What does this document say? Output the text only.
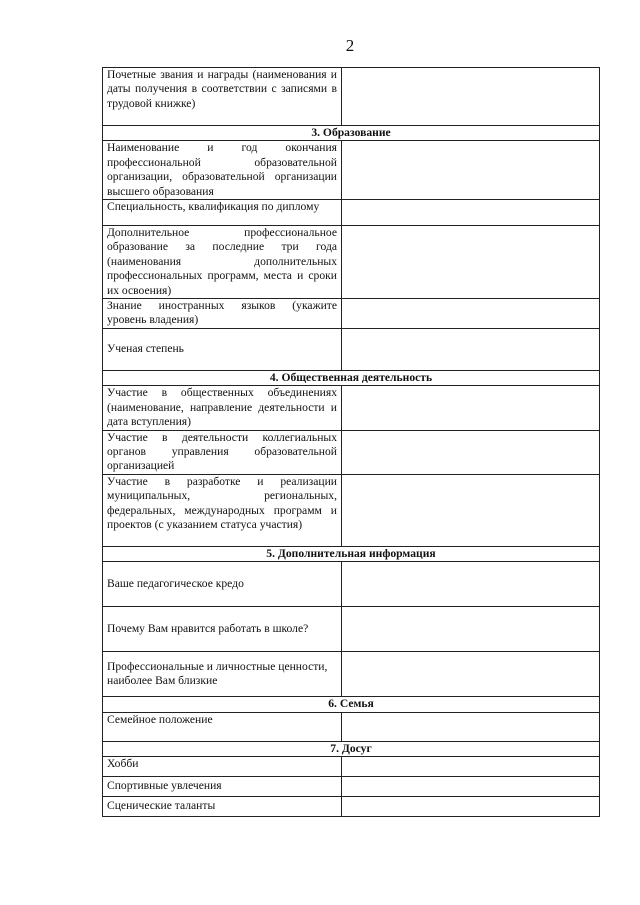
2
Почетные звания и награды (наименования и даты получения в соответствии с записями в трудовой книжке)	
3. Образование	
Наименование и год окончания профессиональной образовательной организации, образовательной организации высшего образования	
Специальность, квалификация по диплому	
Дополнительное профессиональное образование за последние три года (наименования дополнительных профессиональных программ, места и сроки их освоения)	
Знание иностранных языков (укажите уровень владения)	
Ученая степень	
4. Общественная деятельность	
Участие в общественных объединениях (наименование, направление деятельности и дата вступления)	
Участие в деятельности коллегиальных органов управления образовательной организацией	
Участие в разработке и реализации муниципальных, региональных, федеральных, международных программ и проектов (с указанием статуса участия)	
5. Дополнительная информация	
Ваше педагогическое кредо	
Почему Вам нравится работать в школе?	
Профессиональные и личностные ценности, наиболее Вам близкие	
6. Семья	
Семейное положение	
7. Досуг	
Хобби	
Спортивные увлечения	
Сценические таланты	
